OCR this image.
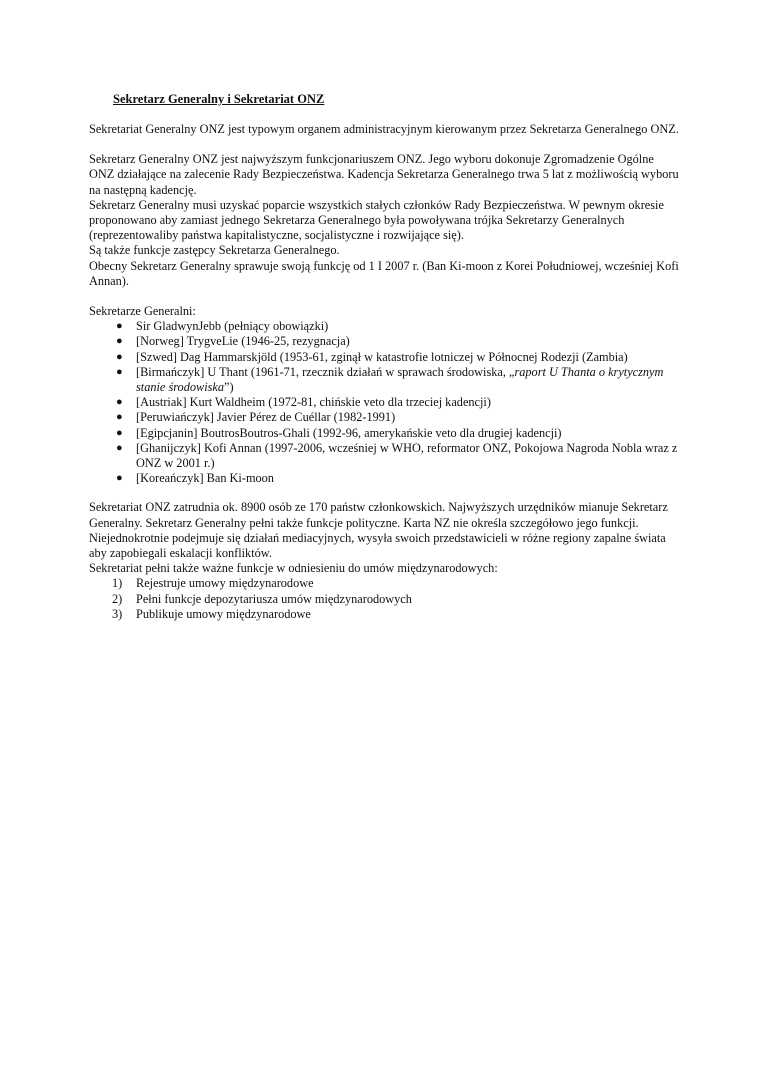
Sekretarz Generalny i Sekretariat ONZ

Sekretariat Generalny ONZ jest typowym organem administracyjnym kierowanym przez Sekretarza Generalnego ONZ.

Sekretarz Generalny ONZ jest najwyższym funkcjonariuszem ONZ. Jego wyboru dokonuje Zgromadzenie Ogólne ONZ działające na zalecenie Rady Bezpieczeństwa. Kadencja Sekretarza Generalnego trwa 5 lat z możliwością wyboru na następną kadencję.

Sekretarz Generalny musi uzyskać poparcie wszystkich stałych członków Rady Bezpieczeństwa. W pewnym okresie proponowano aby zamiast jednego Sekretarza Generalnego była powoływana trójka Sekretarzy Generalnych (reprezentowaliby państwa kapitalistyczne, socjalistyczne i rozwijające się).

Są także funkcje zastępcy Sekretarza Generalnego.

Obecny Sekretarz Generalny sprawuje swoją funkcję od 1 I 2007 r. (Ban Ki-moon z Korei Południowej, wcześniej Kofi Annan).

Sekretarze Generalni:

● Sir GladwynJebb (pełniący obowiązki)
● [Norweg] TrygveLie (1946-25, rezygnacja)
● [Szwed] Dag Hammarskjöld (1953-61, zginął w katastrofie lotniczej w Północnej Rodezji (Zambia)
● [Birmańczyk] U Thant (1961-71, rzecznik działań w sprawach środowiska, „raport U Thanta o krytycznym stanie środowiska”)
● [Austriak] Kurt Waldheim (1972-81, chińskie veto dla trzeciej kadencji)
● [Peruwiańczyk] Javier Pérez de Cuéllar (1982-1991)
● [Egipcjanin] BoutrosBoutros-Ghali (1992-96, amerykańskie veto dla drugiej kadencji)
● [Ghanijczyk] Kofi Annan (1997-2006, wcześniej w WHO, reformator ONZ, Pokojowa Nagroda Nobla wraz z ONZ w 2001 r.)
● [Koreańczyk] Ban Ki-moon

Sekretariat ONZ zatrudnia ok. 8900 osób ze 170 państw członkowskich. Najwyższych urzędników mianuje Sekretarz Generalny. Sekretarz Generalny pełni także funkcje polityczne. Karta NZ nie określa szczegółowo jego funkcji. Niejednokrotnie podejmuje się działań mediacyjnych, wysyła swoich przedstawicieli w różne regiony zapalne świata aby zapobiegali eskalacji konfliktów.

Sekretariat pełni także ważne funkcje w odniesieniu do umów międzynarodowych:

1) Rejestruje umowy międzynarodowe
2) Pełni funkcje depozytariusza umów międzynarodowych
3) Publikuje umowy międzynarodowe
